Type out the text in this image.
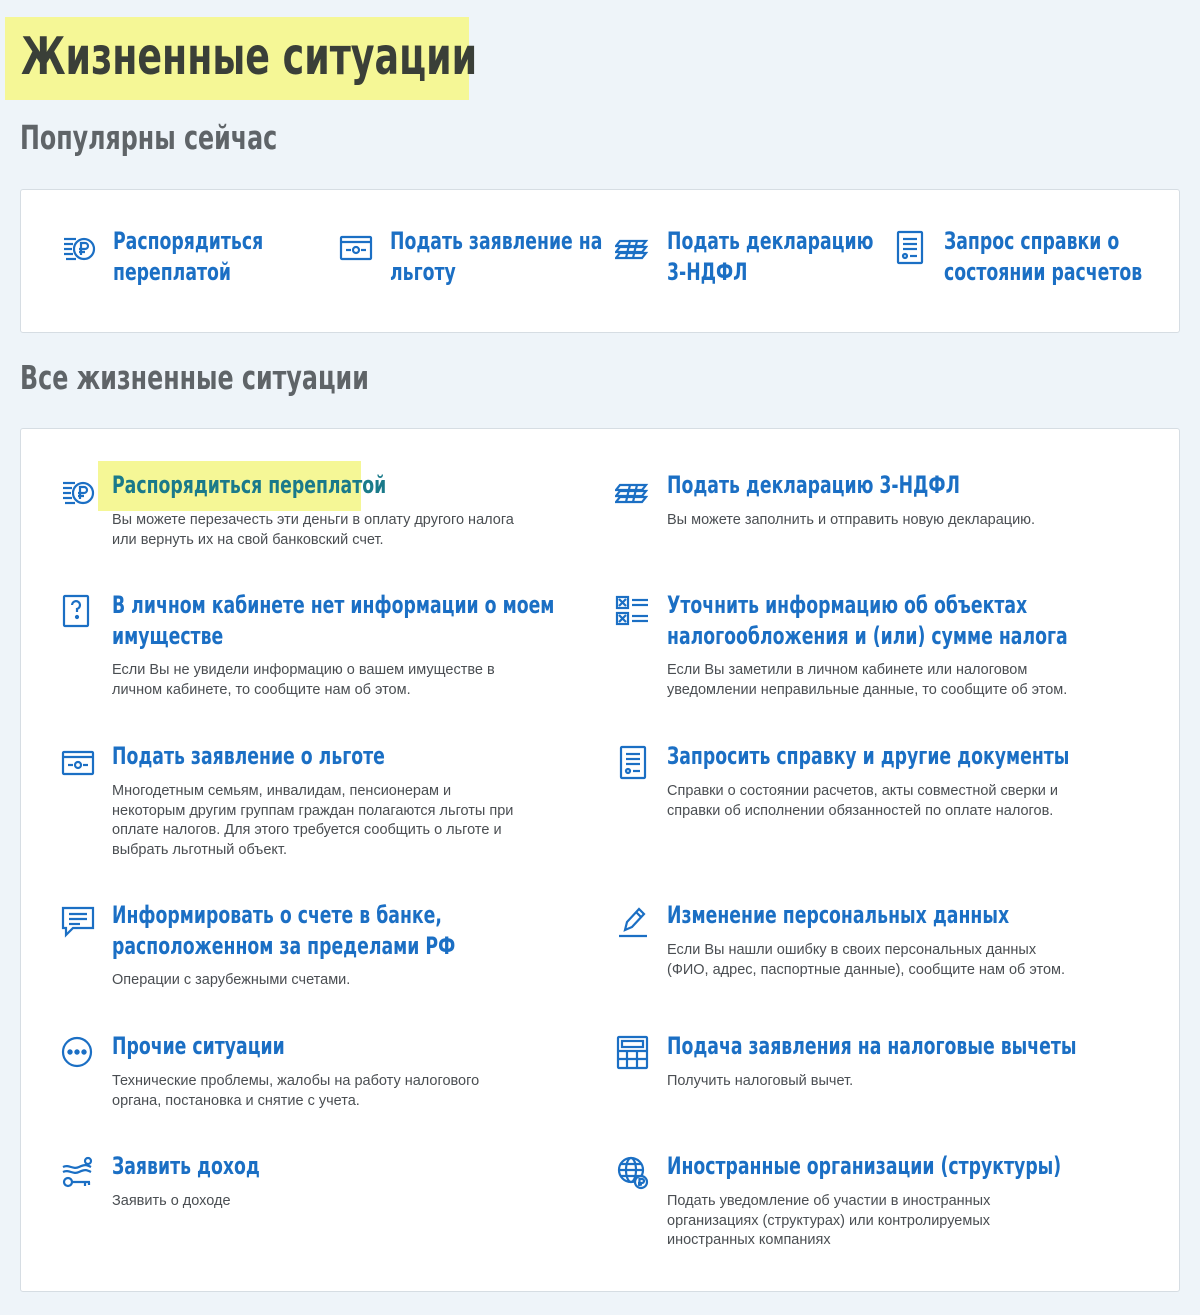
Жизненные ситуации
Популярны сейчас
Распорядиться
переплатой
Подать заявление на
льготу
Подать декларацию
3-НДФЛ
Запрос справки о
состоянии расчетов
Все жизненные ситуации
Распорядиться переплатой
Вы можете перезачесть эти деньги в оплату другого налога
или вернуть их на свой банковский счет.
Подать декларацию 3-НДФЛ
Вы можете заполнить и отправить новую декларацию.
В личном кабинете нет информации о моем
имуществе
Если Вы не увидели информацию о вашем имуществе в
личном кабинете, то сообщите нам об этом.
Уточнить информацию об объектах
налогообложения и (или) сумме налога
Если Вы заметили в личном кабинете или налоговом
уведомлении неправильные данные, то сообщите об этом.
Подать заявление о льготе
Многодетным семьям, инвалидам, пенсионерам и
некоторым другим группам граждан полагаются льготы при
оплате налогов. Для этого требуется сообщить о льготе и
выбрать льготный объект.
Запросить справку и другие документы
Справки о состоянии расчетов, акты совместной сверки и
справки об исполнении обязанностей по оплате налогов.
Информировать о счете в банке,
расположенном за пределами РФ
Операции с зарубежными счетами.
Изменение персональных данных
Если Вы нашли ошибку в своих персональных данных
(ФИО, адрес, паспортные данные), сообщите нам об этом.
Прочие ситуации
Технические проблемы, жалобы на работу налогового
органа, постановка и снятие с учета.
Подача заявления на налоговые вычеты
Получить налоговый вычет.
Заявить доход
Заявить о доходе
Иностранные организации (структуры)
Подать уведомление об участии в иностранных
организациях (структурах) или контролируемых
иностранных компаниях
